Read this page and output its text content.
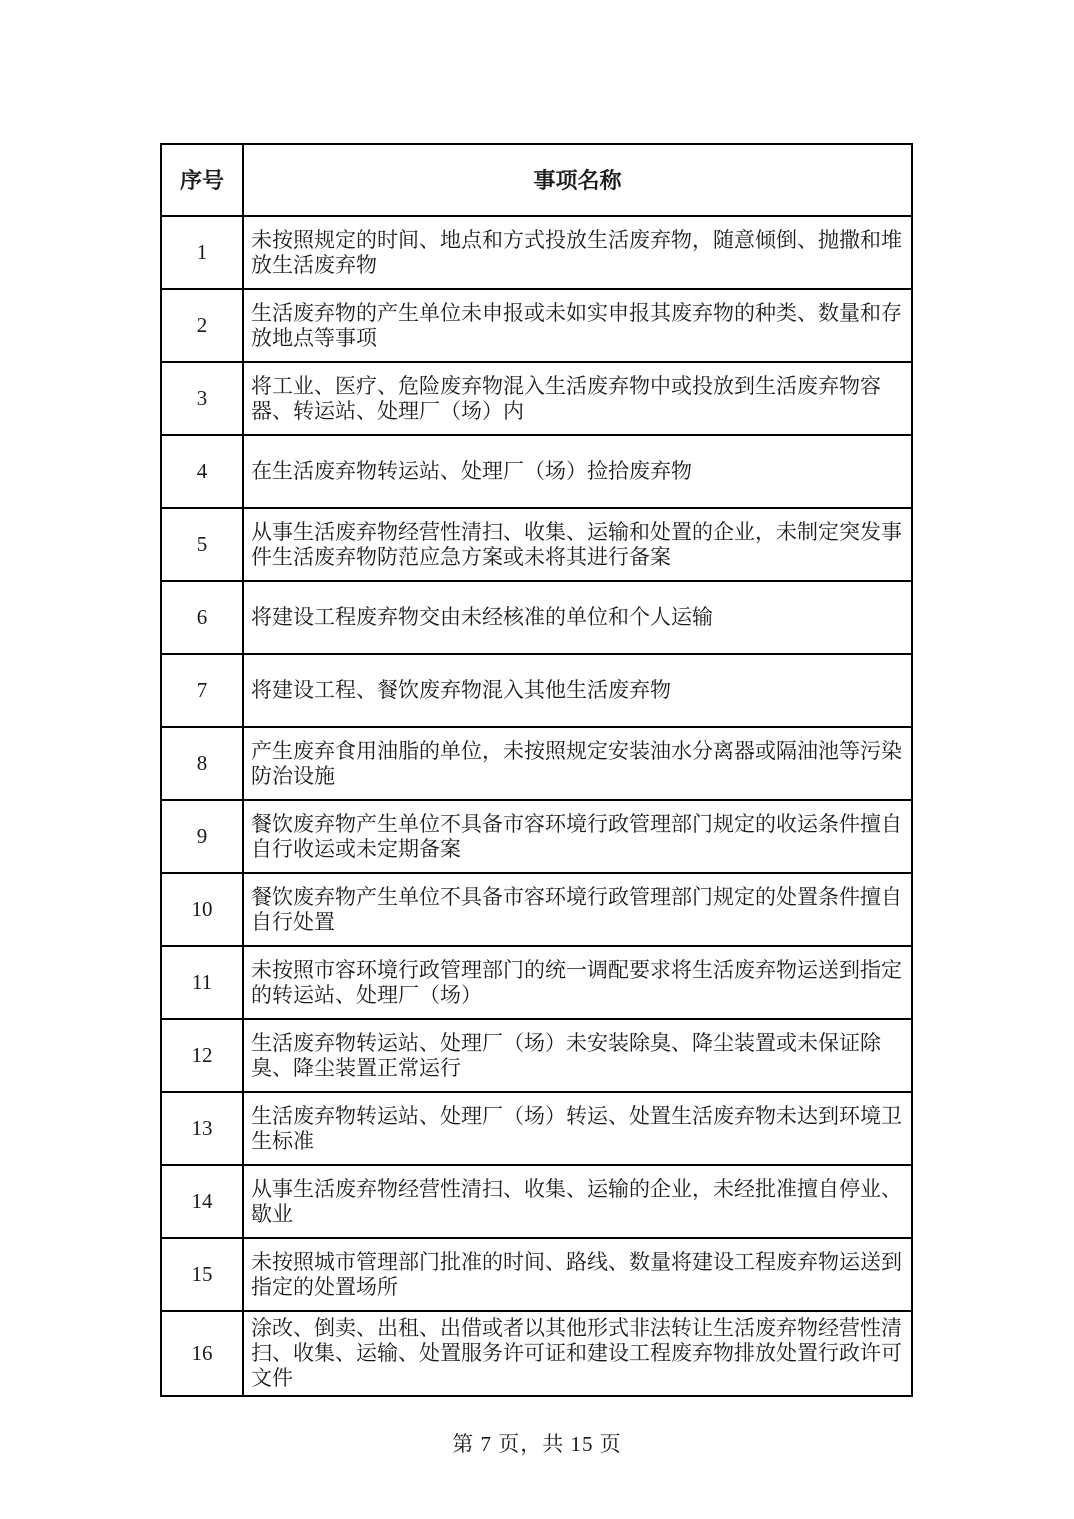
序号	事项名称
1	未按照规定的时间、地点和方式投放生活废弃物，随意倾倒、抛撒和堆放生活废弃物
2	生活废弃物的产生单位未申报或未如实申报其废弃物的种类、数量和存放地点等事项
3	将工业、医疗、危险废弃物混入生活废弃物中或投放到生活废弃物容器、转运站、处理厂（场）内
4	在生活废弃物转运站、处理厂（场）捡拾废弃物
5	从事生活废弃物经营性清扫、收集、运输和处置的企业，未制定突发事件生活废弃物防范应急方案或未将其进行备案
6	将建设工程废弃物交由未经核准的单位和个人运输
7	将建设工程、餐饮废弃物混入其他生活废弃物
8	产生废弃食用油脂的单位，未按照规定安装油水分离器或隔油池等污染防治设施
9	餐饮废弃物产生单位不具备市容环境行政管理部门规定的收运条件擅自自行收运或未定期备案
10	餐饮废弃物产生单位不具备市容环境行政管理部门规定的处置条件擅自自行处置
11	未按照市容环境行政管理部门的统一调配要求将生活废弃物运送到指定的转运站、处理厂（场）
12	生活废弃物转运站、处理厂（场）未安装除臭、降尘装置或未保证除臭、降尘装置正常运行
13	生活废弃物转运站、处理厂（场）转运、处置生活废弃物未达到环境卫生标准
14	从事生活废弃物经营性清扫、收集、运输的企业，未经批准擅自停业、歇业
15	未按照城市管理部门批准的时间、路线、数量将建设工程废弃物运送到指定的处置场所
16	涂改、倒卖、出租、出借或者以其他形式非法转让生活废弃物经营性清扫、收集、运输、处置服务许可证和建设工程废弃物排放处置行政许可文件
第 7 页，共 15 页
